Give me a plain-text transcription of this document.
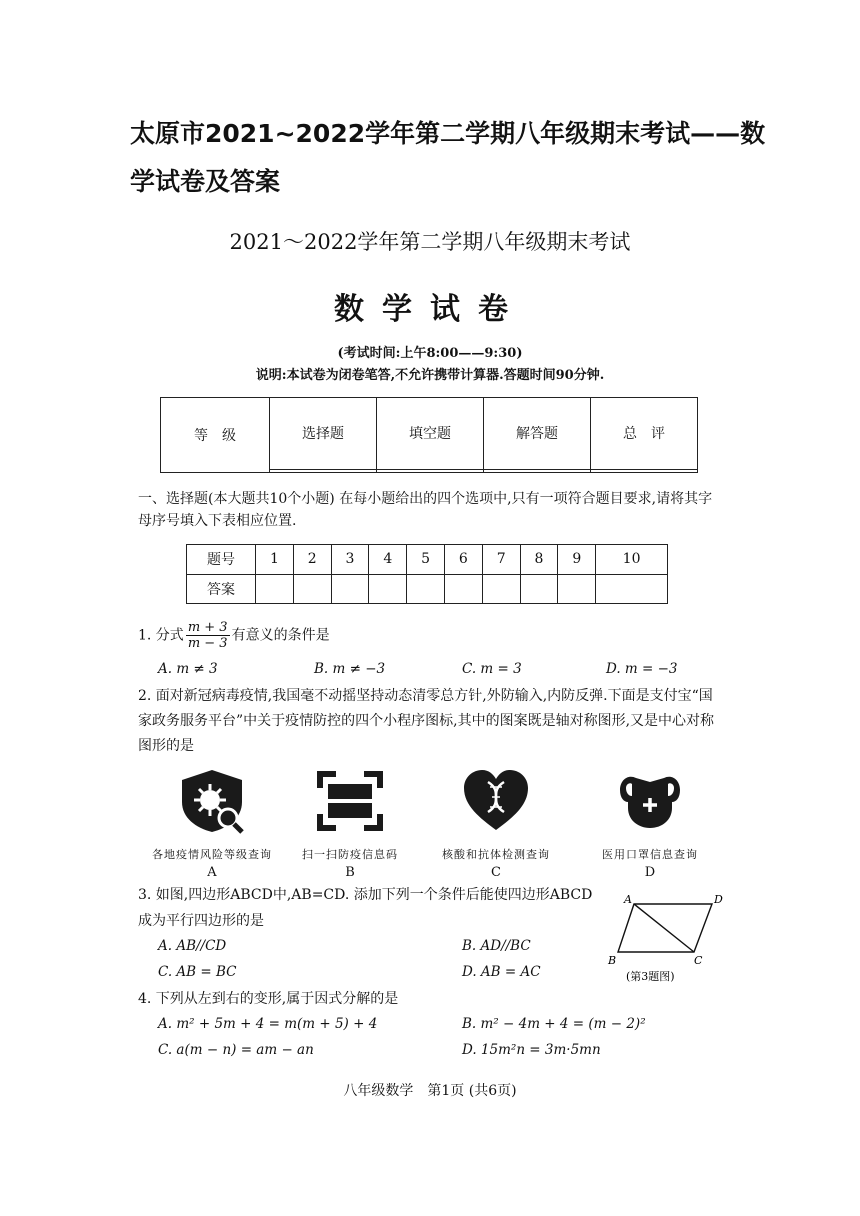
太原市2021~2022学年第二学期八年级期末考试——数学试卷及答案
2021～2022学年第二学期八年级期末考试
数学试卷
(考试时间:上午8:00——9:30)
说明:本试卷为闭卷笔答,不允许携带计算器.答题时间90分钟.
等　级	选择题	填空题	解答题	总　评

一、选择题(本大题共10个小题) 在每小题给出的四个选项中,只有一项符合题目要求,请将其字母序号填入下表相应位置.
题号	1	2	3	4	5	6	7	8	9	10
答案										
1. 分式 $\frac{m + 3}{m - 3}$ 有意义的条件是
A. m ≠ 3	B. m ≠ −3	C. m = 3	D. m = −3
2. 面对新冠病毒疫情,我国毫不动摇坚持动态清零总方针,外防输入,内防反弹.下面是支付宝“国家政务服务平台”中关于疫情防控的四个小程序图标,其中的图案既是轴对称图形,又是中心对称图形的是
各地疫情风险等级查询
A
扫一扫防疫信息码
B
核酸和抗体检测查询
C
医用口罩信息查询
D
3. 如图,四边形ABCD中,AB=CD. 添加下列一个条件后能使四边形ABCD
成为平行四边形的是
A. AB//CD	B. AD//BC
C. AB = BC	D. AB = AC
A	D
B	C
(第3题图)
4. 下列从左到右的变形,属于因式分解的是
A. m² + 5m + 4 = m(m + 5) + 4	B. m² − 4m + 4 = (m − 2)²
C. a(m − n) = am − an	D. 15m²n = 3m·5mn
八年级数学　第1页 (共6页)
